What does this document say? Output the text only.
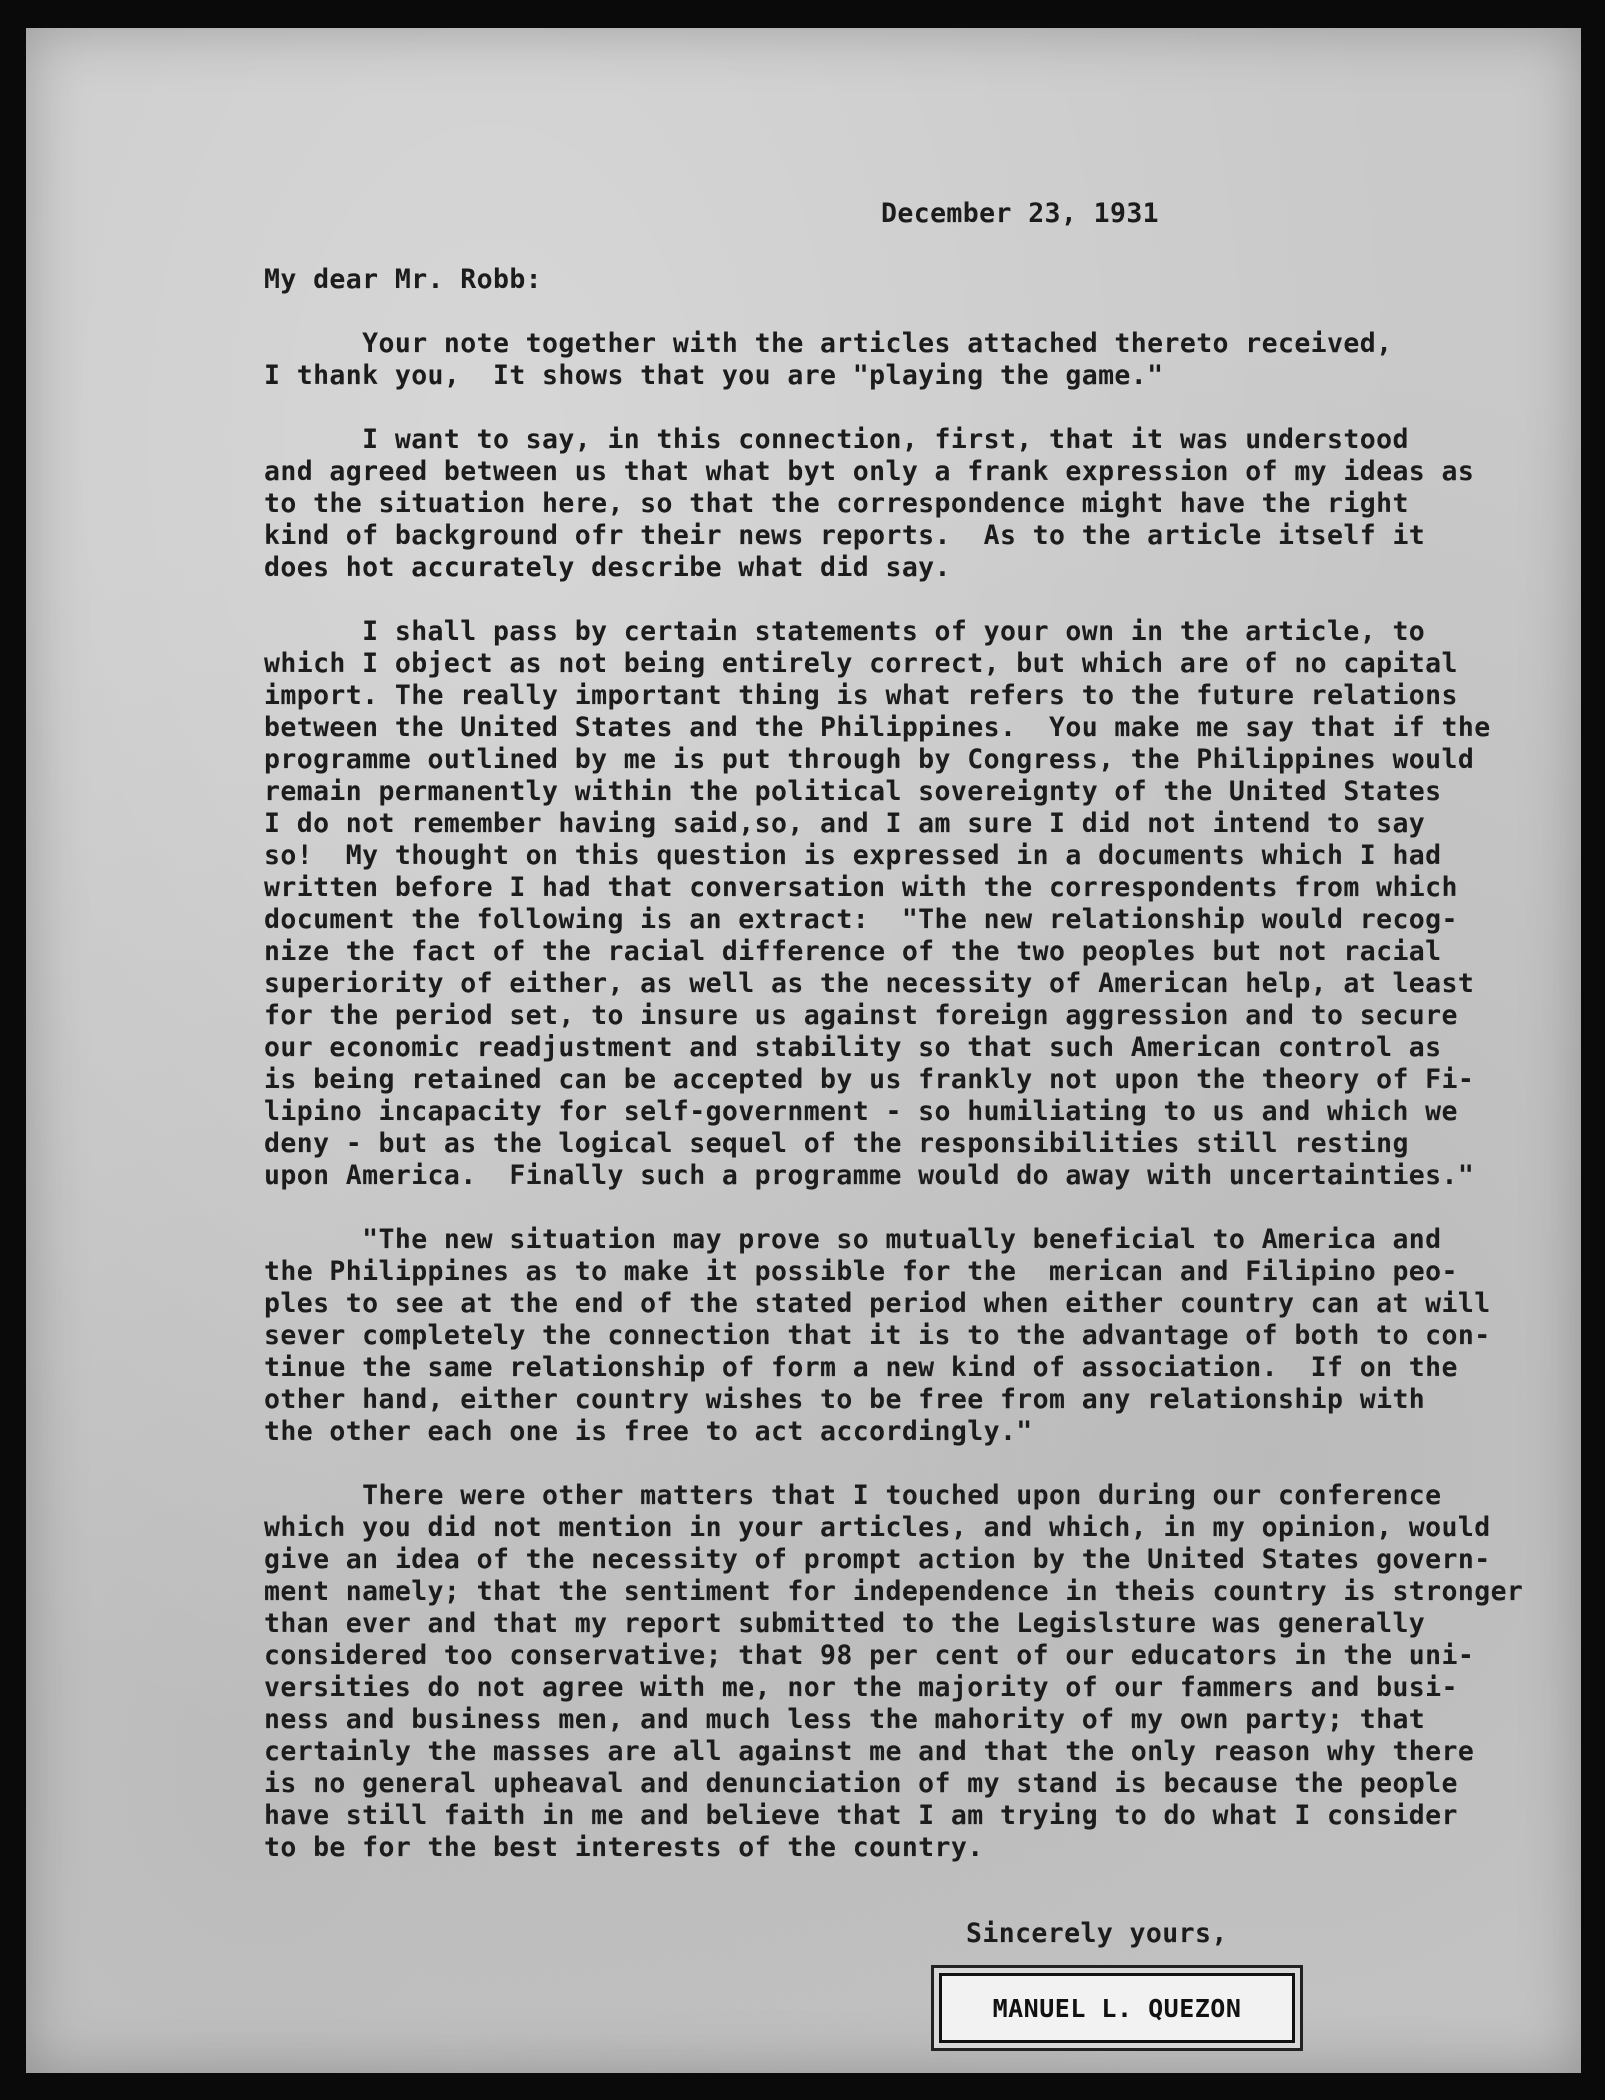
December 23, 1931

My dear Mr. Robb:

Your note together with the articles attached thereto received,
I thank you,  It shows that you are "playing the game."

I want to say, in this connection, first, that it was understood
and agreed between us that what byt only a frank expression of my ideas as
to the situation here, so that the correspondence might have the right
kind of background ofr their news reports.  As to the article itself it
does hot accurately describe what did say.

I shall pass by certain statements of your own in the article, to
which I object as not being entirely correct, but which are of no capital
import. The really important thing is what refers to the future relations
between the United States and the Philippines.  You make me say that if the
programme outlined by me is put through by Congress, the Philippines would
remain permanently within the political sovereignty of the United States
I do not remember having said,so, and I am sure I did not intend to say
so!  My thought on this question is expressed in a documents which I had
written before I had that conversation with the correspondents from which
document the following is an extract:  "The new relationship would recog-
nize the fact of the racial difference of the two peoples but not racial
superiority of either, as well as the necessity of American help, at least
for the period set, to insure us against foreign aggression and to secure
our economic readjustment and stability so that such American control as
is being retained can be accepted by us frankly not upon the theory of Fi-
lipino incapacity for self-government - so humiliating to us and which we
deny - but as the logical sequel of the responsibilities still resting
upon America.  Finally such a programme would do away with uncertainties."

"The new situation may prove so mutually beneficial to America and
the Philippines as to make it possible for the  merican and Filipino peo-
ples to see at the end of the stated period when either country can at will
sever completely the connection that it is to the advantage of both to con-
tinue the same relationship of form a new kind of association.  If on the
other hand, either country wishes to be free from any relationship with
the other each one is free to act accordingly."

There were other matters that I touched upon during our conference
which you did not mention in your articles, and which, in my opinion, would
give an idea of the necessity of prompt action by the United States govern-
ment namely; that the sentiment for independence in theis country is stronger
than ever and that my report submitted to the Legislsture was generally
considered too conservative; that 98 per cent of our educators in the uni-
versities do not agree with me, nor the majority of our fammers and busi-
ness and business men, and much less the mahority of my own party; that
certainly the masses are all against me and that the only reason why there
is no general upheaval and denunciation of my stand is because the people
have still faith in me and believe that I am trying to do what I consider
to be for the best interests of the country.

Sincerely yours,

MANUEL L. QUEZON
